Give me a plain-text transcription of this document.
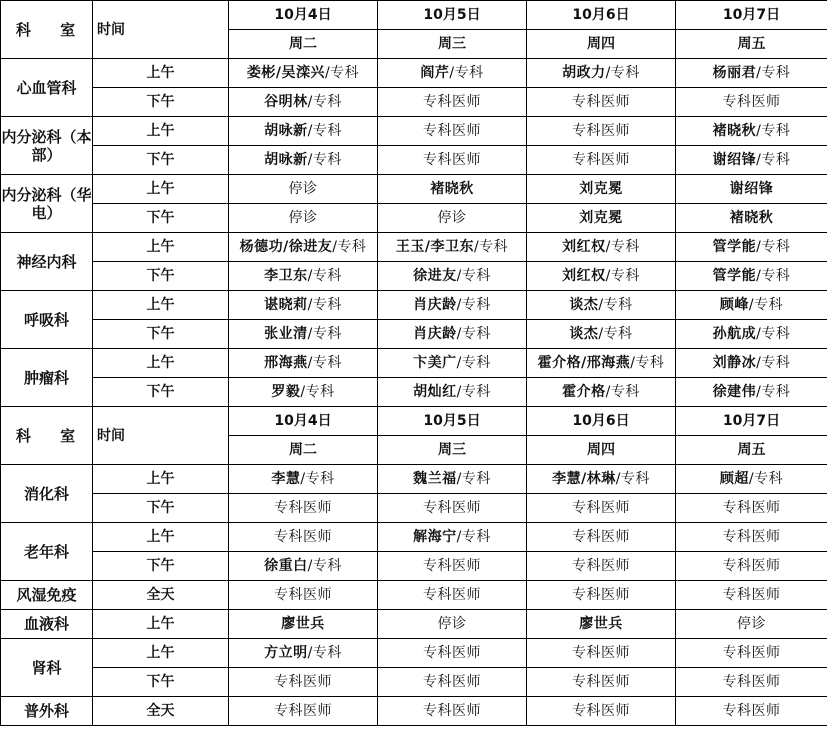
科 室	时间	10月4日	10月5日	10月6日	10月7日
		周二	周三	周四	周五
心血管科	上午	娄彬/吴滦兴/专科	阎芹/专科	胡政力/专科	杨丽君/专科
	下午	谷明林/专科	专科医师	专科医师	专科医师
内分泌科（本部）	上午	胡咏新/专科	专科医师	专科医师	褚晓秋/专科
	下午	胡咏新/专科	专科医师	专科医师	谢绍锋/专科
内分泌科（华电）	上午	停诊	褚晓秋	刘克冕	谢绍锋
	下午	停诊	停诊	刘克冕	褚晓秋
神经内科	上午	杨德功/徐进友/专科	王玉/李卫东/专科	刘红权/专科	管学能/专科
	下午	李卫东/专科	徐进友/专科	刘红权/专科	管学能/专科
呼吸科	上午	谌晓莉/专科	肖庆龄/专科	谈杰/专科	顾峰/专科
	下午	张业清/专科	肖庆龄/专科	谈杰/专科	孙航成/专科
肿瘤科	上午	邢海燕/专科	卞美广/专科	霍介格/邢海燕/专科	刘静冰/专科
	下午	罗毅/专科	胡灿红/专科	霍介格/专科	徐建伟/专科
科 室	时间	10月4日	10月5日	10月6日	10月7日
		周二	周三	周四	周五
消化科	上午	李慧/专科	魏兰福/专科	李慧/林琳/专科	顾超/专科
	下午	专科医师	专科医师	专科医师	专科医师
老年科	上午	专科医师	解海宁/专科	专科医师	专科医师
	下午	徐重白/专科	专科医师	专科医师	专科医师
风湿免疫	全天	专科医师	专科医师	专科医师	专科医师
血液科	上午	廖世兵	停诊	廖世兵	停诊
肾科	上午	方立明/专科	专科医师	专科医师	专科医师
	下午	专科医师	专科医师	专科医师	专科医师
普外科	全天	专科医师	专科医师	专科医师	专科医师
